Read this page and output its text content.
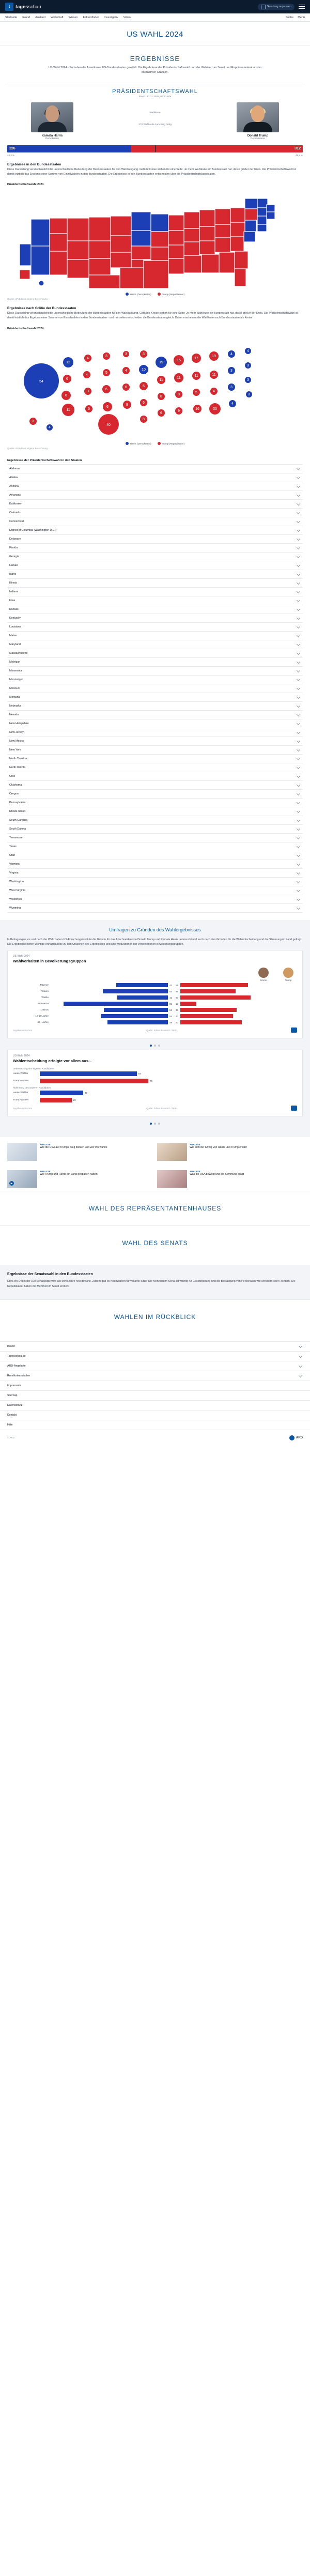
t	tagesschau	Sendung anpassen
Startseite Inland Ausland Wirtschaft Wissen Faktenfinder Investigativ Video	Suche Menü
US WAHL 2024
ERGEBNISSE
US-Wahl 2024 - So haben die Amerikaner US-Bundesstaaten gewählt: Die Ergebnisse der Präsidentschaftswahl und der Wahlen zum Senat und Repräsentantenhaus im interaktiven Grafiken.
PRÄSIDENTSCHAFTSWAHL
Stand: 20.01.2025, 09:51 Uhr
Kamala Harris
Demokraten
Wahlleute
270 Wahlleute zum Sieg nötig
Donald Trump
Republikaner
226	312
48,3 %	49,9 %
Ergebnisse in den Bundesstaaten
Diese Darstellung veranschaulicht die unterschiedliche Bedeutung der Bundesstaaten für den Wahlausgang. Gefärbt kreise stehen für eine Seite: Je mehr Wahlleute ein Bundesstaat hat, desto größer der Kreis. Die Präsidentschaftswahl ist damit letztlich das Ergebnis einer Summe von Einzelwahlen in den Bundesstaaten. Die Ergebnisse in den Bundesstaaten entscheiden über die Präsidentschaftskandidaten.
Präsidentschaftswahl 2024
Harris (Demokraten)	Trump (Republikaner)
Quelle: AP/Edison, eigene Berechnung
Ergebnisse nach Größe der Bundesstaaten
Diese Darstellung veranschaulicht die unterschiedliche Bedeutung der Bundesstaaten für den Wahlausgang. Gefärbte Kreise stehen für eine Seite: Je mehr Wahlleute ein Bundesstaat hat, desto größer der Kreis. Die Präsidentschaftswahl ist damit letztlich das Ergebnis einer Summe von Einzelwahlen in den Bundesstaaten - und nur selten entscheiden die Bundesstaaten gleich. Daher erscheinen die Wahlleute nach Bundesstaaten als Kreise.
Präsidentschaftswahl 2024
54
12
6
6
11
4
4
3
5
3
5
6
6
40
3
4
6
8
3
10
6
6
8
19
11
8
6
15
11
8
9
17
11
5
16
19
11
4
30
4
3
3
4
4
3
3
3
3
4
Harris (Demokraten)	Trump (Republikaner)
Quelle: AP/Edison, eigene Berechnung
Ergebnisse der Präsidentschaftswahl in den Staaten
Alabama
Alaska
Arizona
Arkansas
Kalifornien
Colorado
Connecticut
District of Columbia (Washington D.C.)
Delaware
Florida
Georgia
Hawaii
Idaho
Illinois
Indiana
Iowa
Kansas
Kentucky
Louisiana
Maine
Maryland
Massachusetts
Michigan
Minnesota
Mississippi
Missouri
Montana
Nebraska
Nevada
New Hampshire
New Jersey
New Mexico
New York
North Carolina
North Dakota
Ohio
Oklahoma
Oregon
Pennsylvania
Rhode Island
South Carolina
South Dakota
Tennessee
Texas
Utah
Vermont
Virginia
Washington
West Virginia
Wisconsin
Wyoming
Umfragen zu Gründen des Wahlergebnisses
In Befragungen vor und nach der Wahl haben US-Forschungsinstitute die Gründe für das Abschneiden von Donald Trump und Kamala Harris untersucht und auch nach den Gründen für die Wahlentscheidung und die Stimmung im Land gefragt. Die Ergebnisse helfen wichtige Anhaltspunkte zu den Ursachen des Ergebnisses und sind Motivationen der verschiedenen Bevölkerungsgruppen.
US-Wahl 2024
Wahlverhalten in Bevölkerungsgruppen
Harris	Trump
Männer	42	55
Frauen	53	45
Weiße	41	57
Schwarze	85	13
Latinos	52	46
18-29 Jahre	54	43
65+ Jahre	49	50
Angaben in Prozent	Quelle: Edison Research / NEP
US-Wahl 2024
Wahlentscheidung erfolgte vor allem aus...
Unterstützung von eigenen Kandidaten
Harris-Wähler	67
Trump-Wähler	75
Ablehnung des anderen Kandidaten
Harris-Wähler	30
Trump-Wähler	22
Angaben in Prozent	Quelle: Edison Research / NEP
ANALYSE
Wie die USA auf Trumps Sieg blicken und wer ihn wählte
ANALYSE
Wie sich der Erfolg von Harris und Trump erklärt
▶
ANALYSE
Wie Trump und Harris ein Land gespalten haben
ANALYSE
Was die USA bewegt und die Stimmung prägt
WAHL DES REPRÄSENTANTENHAUSES
WAHL DES SENATS
Ergebnisse der Senatswahl in den Bundesstaaten

Etwa ein Drittel der 100 Senatssitze wird alle zwei Jahre neu gewählt. Zudem gab es Nachwahlen für vakante Sitze. Die Mehrheit im Senat ist wichtig für Gesetzgebung und die Bestätigung von Personalien wie Ministern oder Richtern. Die Republikaner haben die Mehrheit im Senat erobert.

WAHLEN IM RÜCKBLICK
Inland
Tagesschau.de
ARD-Angebote
Rundfunkanstalten
Impressum
Sitemap
Datenschutz
Kontakt
Hilfe
© ARD	ARD
